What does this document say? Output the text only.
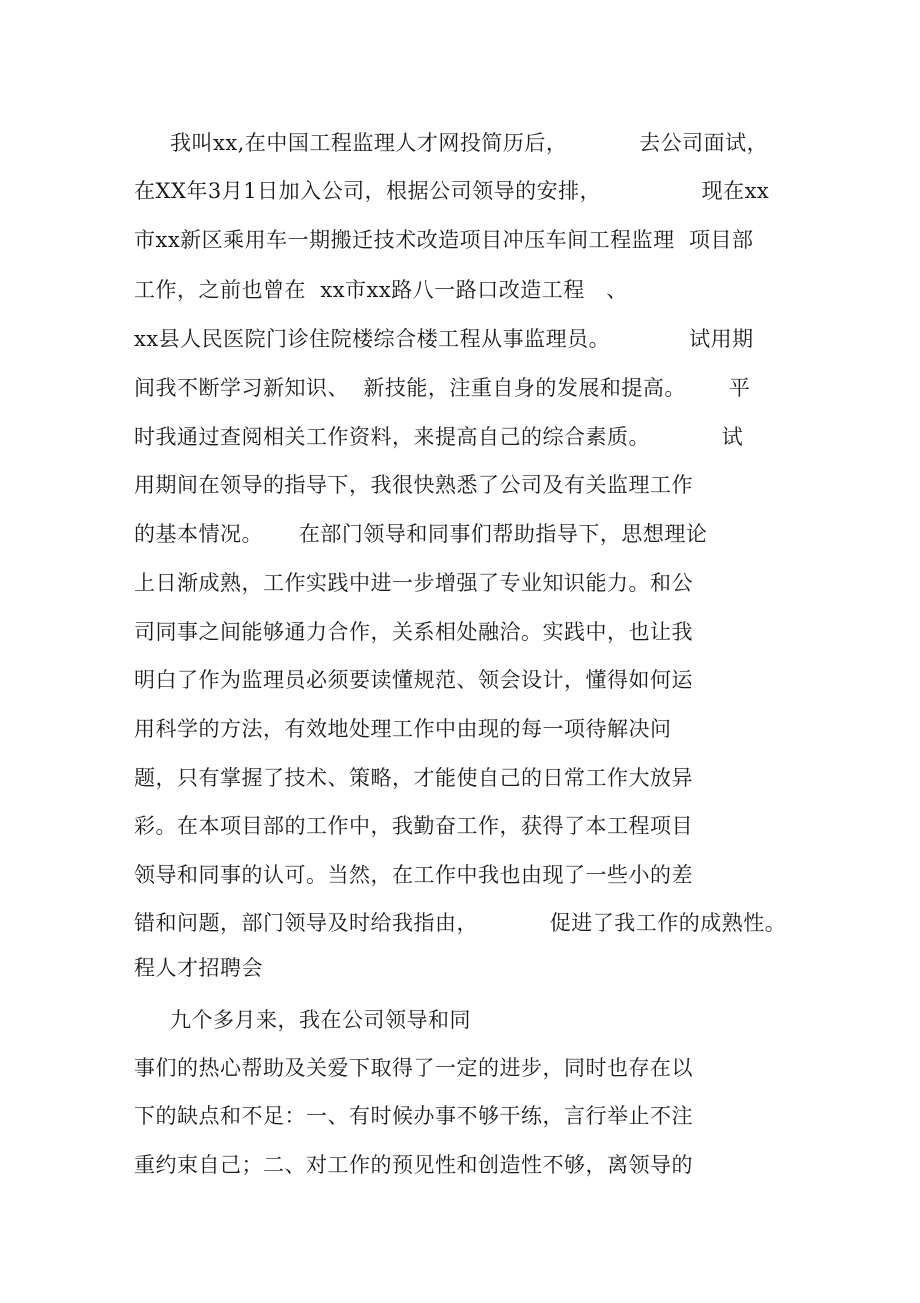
我叫xx,在中国工程监理人才网投简历后，          去公司面试，
在XX年3月1日加入公司，根据公司领导的安排，              现在xx
市xx新区乘用车一期搬迁技术改造项目冲压车间工程监理  项目部
工作，之前也曾在  xx市xx路八一路口改造工程   、
xx县人民医院门诊住院楼综合楼工程从事监理员。           试用期
间我不断学习新知识、  新技能，注重自身的发展和提高。      平
时我通过查阅相关工作资料，来提高自己的综合素质。          试
用期间在领导的指导下，我很快熟悉了公司及有关监理工作
的基本情况。     在部门领导和同事们帮助指导下，思想理论
上日渐成熟，工作实践中进一步增强了专业知识能力。和公
司同事之间能够通力合作，关系相处融洽。实践中，也让我
明白了作为监理员必须要读懂规范、领会设计，懂得如何运
用科学的方法，有效地处理工作中由现的每一项待解决问
题，只有掌握了技术、策略，才能使自己的日常工作大放异
彩。在本项目部的工作中，我勤奋工作，获得了本工程项目
领导和同事的认可。当然，在工作中我也由现了一些小的差
错和问题，部门领导及时给我指由，          促进了我工作的成熟性。
程人才招聘会
九个多月来，我在公司领导和同
事们的热心帮助及关爱下取得了一定的进步，同时也存在以
下的缺点和不足：一、有时候办事不够干练，言行举止不注
重约束自己；二、对工作的预见性和创造性不够，离领导的
